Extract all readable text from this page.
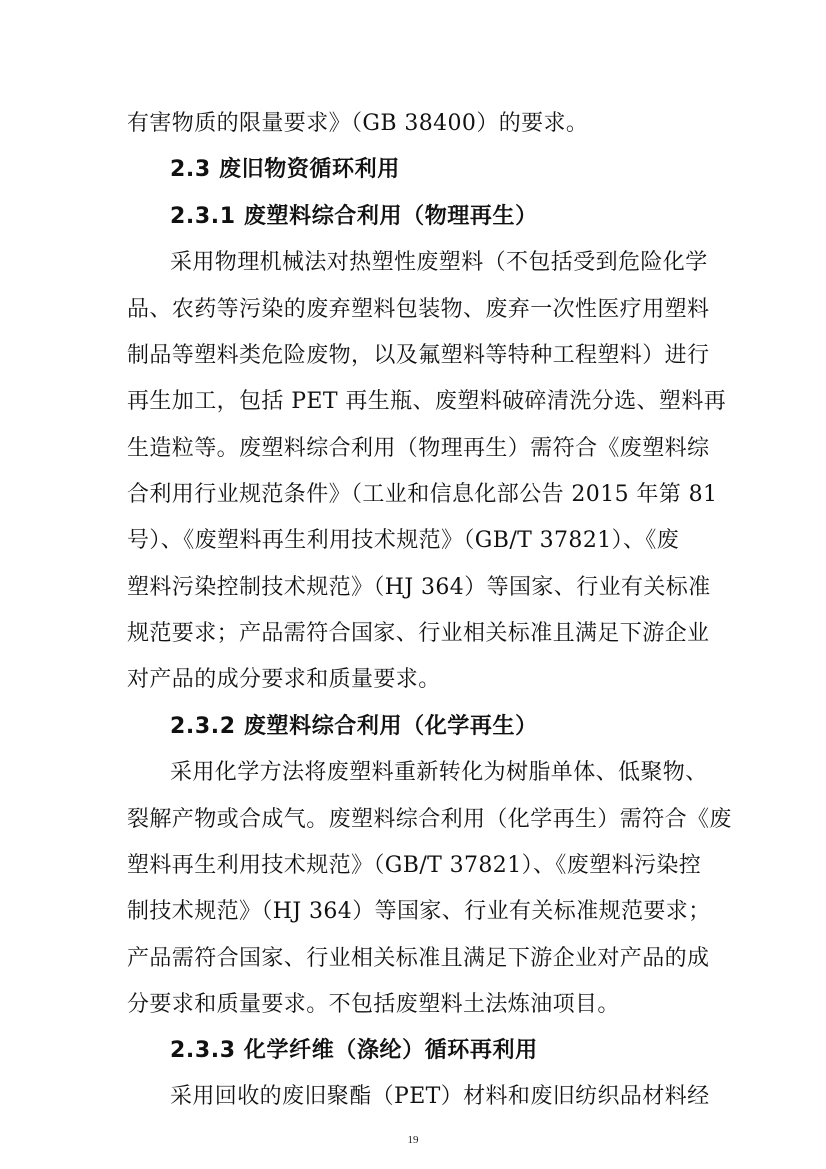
有害物质的限量要求》（GB 38400）的要求。
2.3 废旧物资循环利用
2.3.1 废塑料综合利用（物理再生）
采用物理机械法对热塑性废塑料（不包括受到危险化学
品、农药等污染的废弃塑料包装物、废弃一次性医疗用塑料
制品等塑料类危险废物，以及氟塑料等特种工程塑料）进行
再生加工，包括 PET 再生瓶、废塑料破碎清洗分选、塑料再
生造粒等。废塑料综合利用（物理再生）需符合《废塑料综
合利用行业规范条件》（工业和信息化部公告 2015 年第 81
号）、《废塑料再生利用技术规范》（GB/T 37821）、《废
塑料污染控制技术规范》（HJ 364）等国家、行业有关标准
规范要求；产品需符合国家、行业相关标准且满足下游企业
对产品的成分要求和质量要求。
2.3.2 废塑料综合利用（化学再生）
采用化学方法将废塑料重新转化为树脂单体、低聚物、
裂解产物或合成气。废塑料综合利用（化学再生）需符合《废
塑料再生利用技术规范》（GB/T 37821）、《废塑料污染控
制技术规范》（HJ 364）等国家、行业有关标准规范要求；
产品需符合国家、行业相关标准且满足下游企业对产品的成
分要求和质量要求。不包括废塑料土法炼油项目。
2.3.3 化学纤维（涤纶）循环再利用
采用回收的废旧聚酯（PET）材料和废旧纺织品材料经
19
